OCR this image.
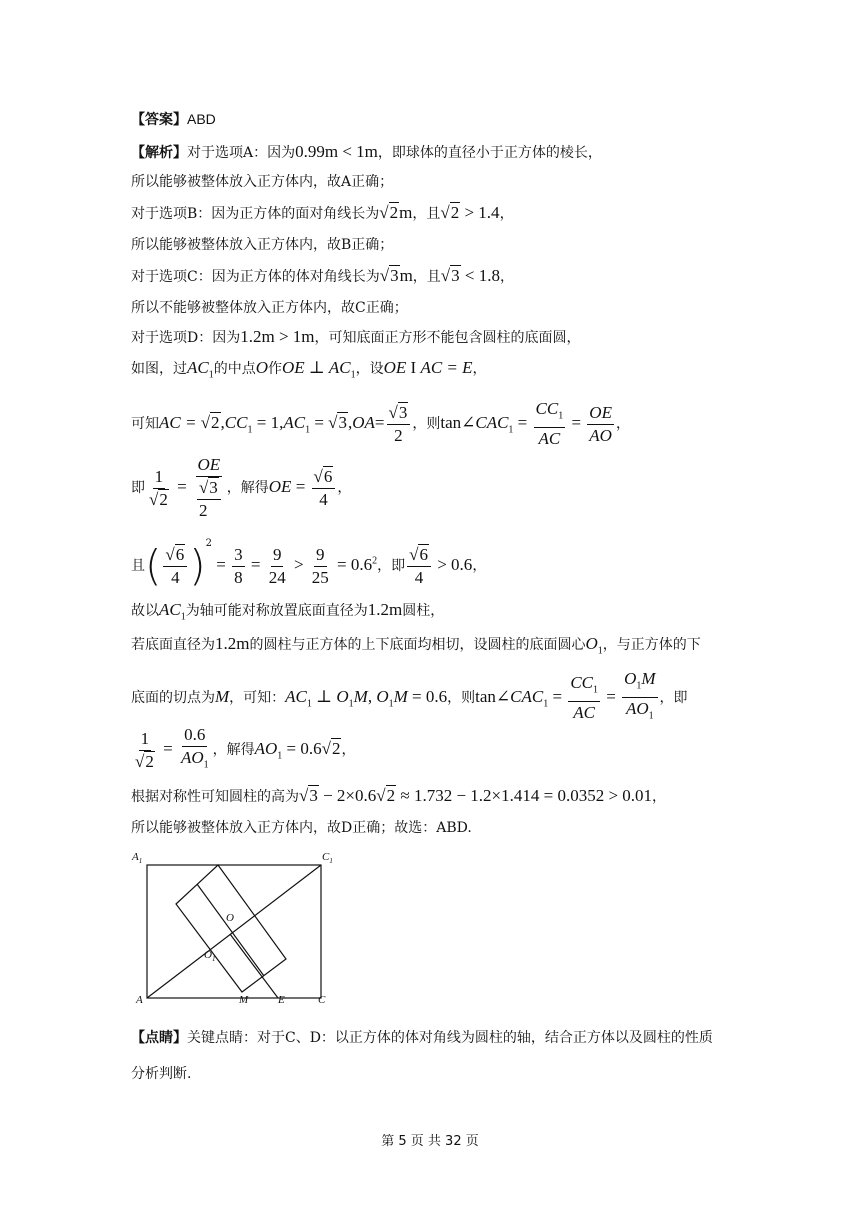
【答案】ABD
【解析】对于选项A：因为0.99m < 1m，即球体的直径小于正方体的棱长，
所以能够被整体放入正方体内，故A正确；
对于选项B：因为正方体的面对角线长为√2m，且√2 > 1.4，
所以能够被整体放入正方体内，故B正确；
对于选项C：因为正方体的体对角线长为√3m，且√3 < 1.8，
所以不能够被整体放入正方体内，故C正确；
对于选项D：因为1.2m > 1m，可知底面正方形不能包含圆柱的底面圆，
如图，过$AC_1$的中点O作OE ⊥ $AC_1$，设OE I AC = E，
可知AC = $√2,CC_1 = 1,AC_1 = √3,OA= \frac{√3}{2}$ ，则$\tan\angle CAC_1 = \frac{CC_1}{AC} = \frac{OE}{AO}$ ，
即 $\frac{1}{√2} = \frac{OE}{\frac{√3}{2}}$ ，解得OE = $\frac{√6}{4}$ ，
且( $\frac{√6}{4} )^2 = \frac{3}{8} = \frac{9}{24} > \frac{9}{25} = 0.6^2$，即 $\frac{√6}{4} > 0.6$，
故以$AC_1$为轴可能对称放置底面直径为1.2m圆柱，
若底面直径为1.2m的圆柱与正方体的上下底面均相切，设圆柱的底面圆心$O_1$，与正方体的下
底面的切点为M，可知：$AC_1$ ⊥ $O_1M$, $O_1M = 0.6$，则$\tan\angle CAC_1 = \frac{CC_1}{AC} = \frac{O_1M}{AO_1}$ ，即
$\frac{1}{√2} = \frac{0.6}{AO_1}$ ，解得$AO_1 = 0.6√2$，
根据对称性可知圆柱的高为√3 − 2×0.6√2 ≈ 1.732 − 1.2×1.414 = 0.0352 > 0.01，
所以能够被整体放入正方体内，故D正确；故选：ABD.
$A_1$	$C_1$
O
$O_1$
A	M	E	C
【点睛】关键点睛：对于C、D：以正方体的体对角线为圆柱的轴，结合正方体以及圆柱的性质
分析判断.
第 5 页 共 32 页
